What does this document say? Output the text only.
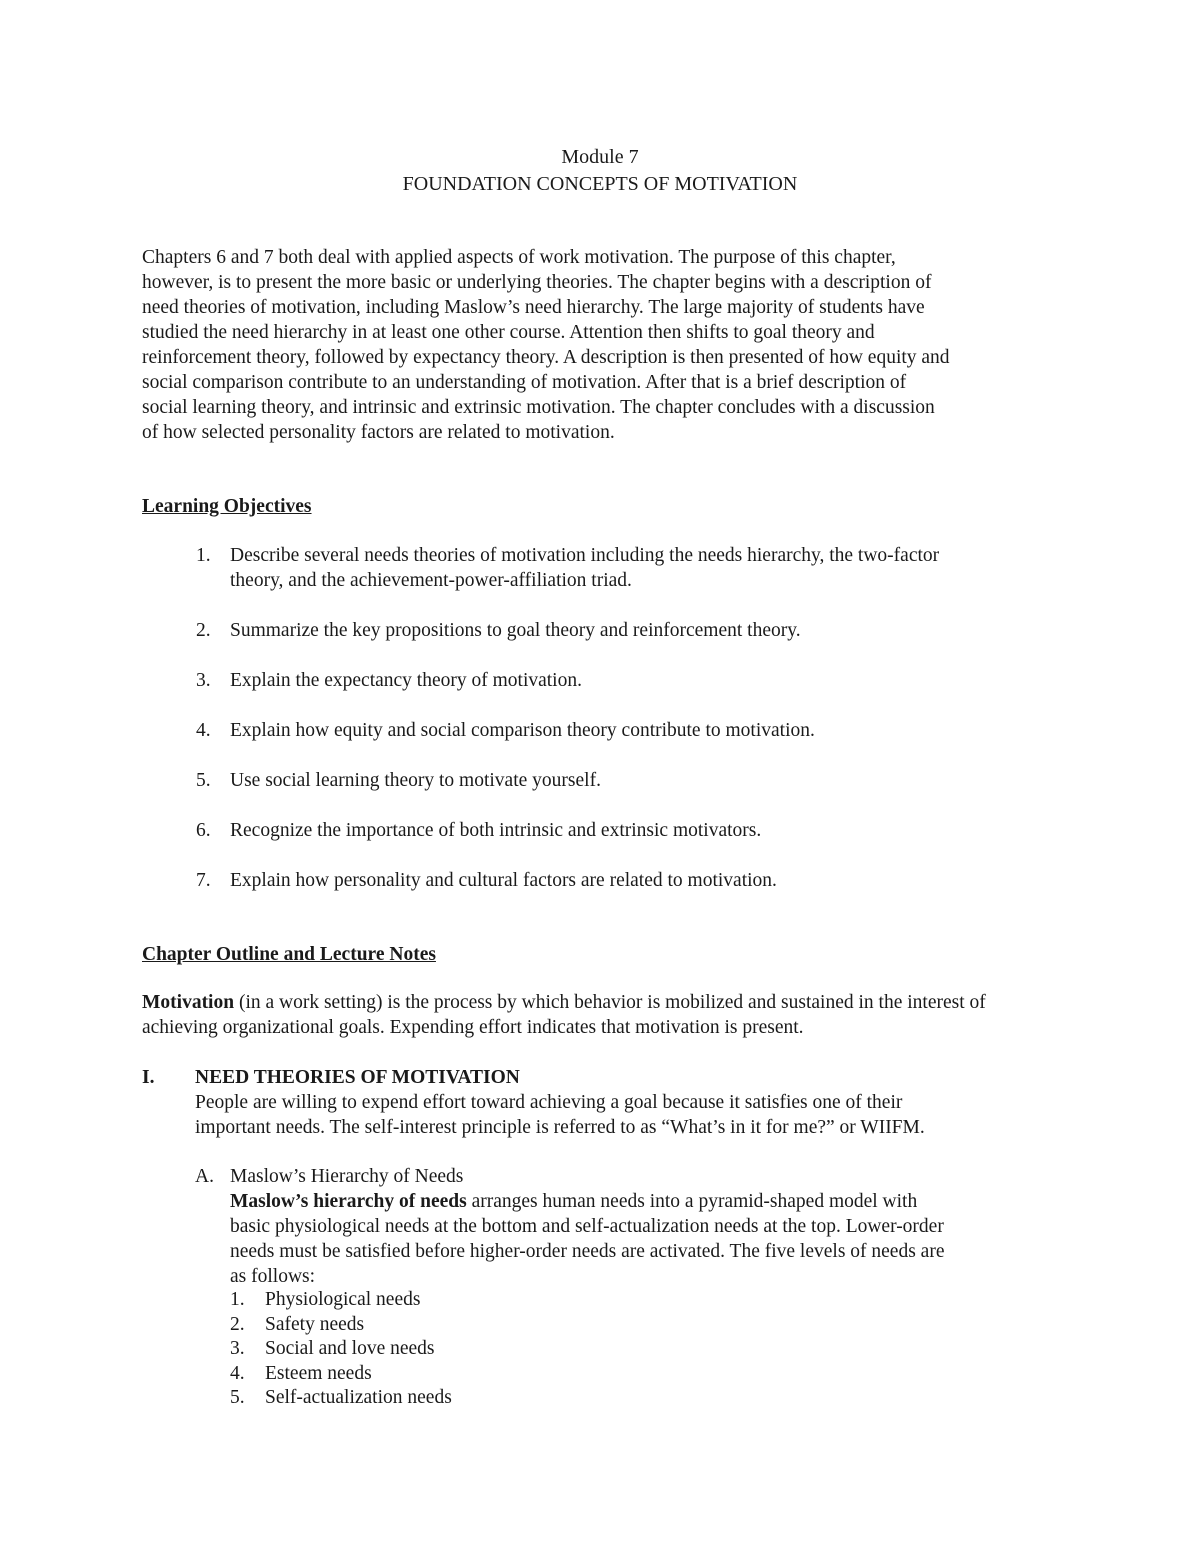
Module 7
FOUNDATION CONCEPTS OF MOTIVATION

Chapters 6 and 7 both deal with applied aspects of work motivation. The purpose of this chapter,
however, is to present the more basic or underlying theories. The chapter begins with a description of
need theories of motivation, including Maslow’s need hierarchy. The large majority of students have
studied the need hierarchy in at least one other course. Attention then shifts to goal theory and
reinforcement theory, followed by expectancy theory. A description is then presented of how equity and
social comparison contribute to an understanding of motivation. After that is a brief description of
social learning theory, and intrinsic and extrinsic motivation. The chapter concludes with a discussion
of how selected personality factors are related to motivation.

Learning Objectives
1. Describe several needs theories of motivation including the needs hierarchy, the two-factor
theory, and the achievement-power-affiliation triad.
2. Summarize the key propositions to goal theory and reinforcement theory.
3. Explain the expectancy theory of motivation.
4. Explain how equity and social comparison theory contribute to motivation.
5. Use social learning theory to motivate yourself.
6. Recognize the importance of both intrinsic and extrinsic motivators.
7. Explain how personality and cultural factors are related to motivation.
Chapter Outline and Lecture Notes

Motivation (in a work setting) is the process by which behavior is mobilized and sustained in the interest of achieving organizational goals. Expending effort indicates that motivation is present.

I. NEED THEORIES OF MOTIVATION

People are willing to expend effort toward achieving a goal because it satisfies one of their
important needs. The self-interest principle is referred to as “What’s in it for me?” or WIIFM.

A. Maslow’s Hierarchy of Needs

Maslow’s hierarchy of needs arranges human needs into a pyramid-shaped model with
basic physiological needs at the bottom and self-actualization needs at the top. Lower-order
needs must be satisfied before higher-order needs are activated. The five levels of needs are
as follows:

1. Physiological needs
2. Safety needs
3. Social and love needs
4. Esteem needs
5. Self-actualization needs
